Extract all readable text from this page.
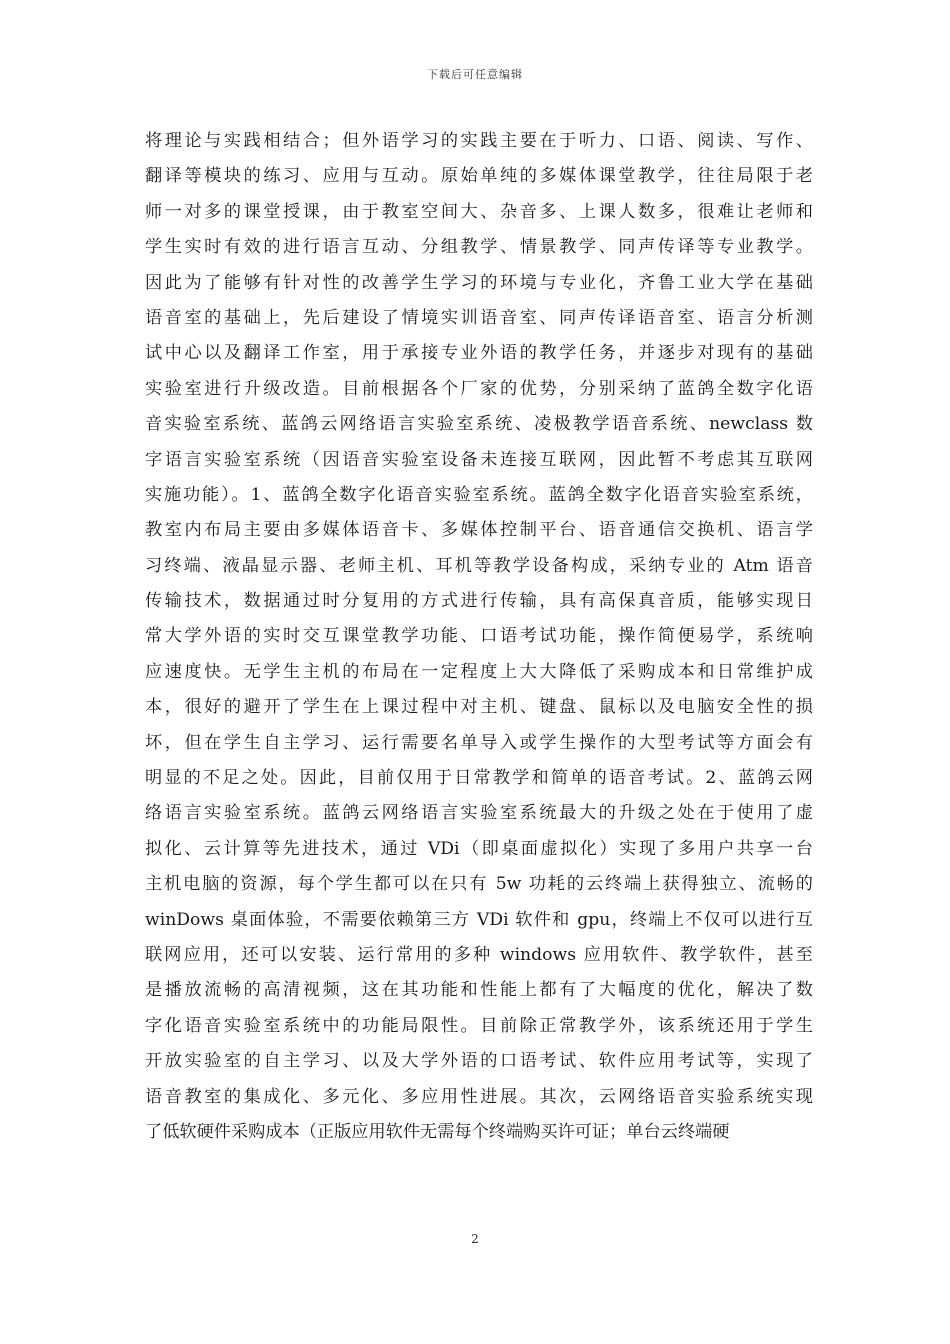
下载后可任意编辑
将理论与实践相结合；但外语学习的实践主要在于听力、口语、阅读、写作、
翻译等模块的练习、应用与互动。原始单纯的多媒体课堂教学，往往局限于老
师一对多的课堂授课，由于教室空间大、杂音多、上课人数多，很难让老师和
学生实时有效的进行语言互动、分组教学、情景教学、同声传译等专业教学。
因此为了能够有针对性的改善学生学习的环境与专业化，齐鲁工业大学在基础
语音室的基础上，先后建设了情境实训语音室、同声传译语音室、语言分析测
试中心以及翻译工作室，用于承接专业外语的教学任务，并逐步对现有的基础
实验室进行升级改造。目前根据各个厂家的优势，分别采纳了蓝鸽全数字化语
音实验室系统、蓝鸽云网络语言实验室系统、凌极教学语音系统、newclass 数
字语言实验室系统（因语音实验室设备未连接互联网，因此暂不考虑其互联网
实施功能）。1、蓝鸽全数字化语音实验室系统。蓝鸽全数字化语音实验室系统，
教室内布局主要由多媒体语音卡、多媒体控制平台、语音通信交换机、语言学
习终端、液晶显示器、老师主机、耳机等教学设备构成，采纳专业的 Atm 语音
传输技术，数据通过时分复用的方式进行传输，具有高保真音质，能够实现日
常大学外语的实时交互课堂教学功能、口语考试功能，操作简便易学，系统响
应速度快。无学生主机的布局在一定程度上大大降低了采购成本和日常维护成
本，很好的避开了学生在上课过程中对主机、键盘、鼠标以及电脑安全性的损
坏，但在学生自主学习、运行需要名单导入或学生操作的大型考试等方面会有
明显的不足之处。因此，目前仅用于日常教学和简单的语音考试。2、蓝鸽云网
络语言实验室系统。蓝鸽云网络语言实验室系统最大的升级之处在于使用了虚
拟化、云计算等先进技术，通过 VDi（即桌面虚拟化）实现了多用户共享一台
主机电脑的资源，每个学生都可以在只有 5w 功耗的云终端上获得独立、流畅的
winDows 桌面体验，不需要依赖第三方 VDi 软件和 gpu，终端上不仅可以进行互
联网应用，还可以安装、运行常用的多种 windows 应用软件、教学软件，甚至
是播放流畅的高清视频，这在其功能和性能上都有了大幅度的优化，解决了数
字化语音实验室系统中的功能局限性。目前除正常教学外，该系统还用于学生
开放实验室的自主学习、以及大学外语的口语考试、软件应用考试等，实现了
语音教室的集成化、多元化、多应用性进展。其次，云网络语音实验系统实现
了低软硬件采购成本（正版应用软件无需每个终端购买许可证；单台云终端硬
2
